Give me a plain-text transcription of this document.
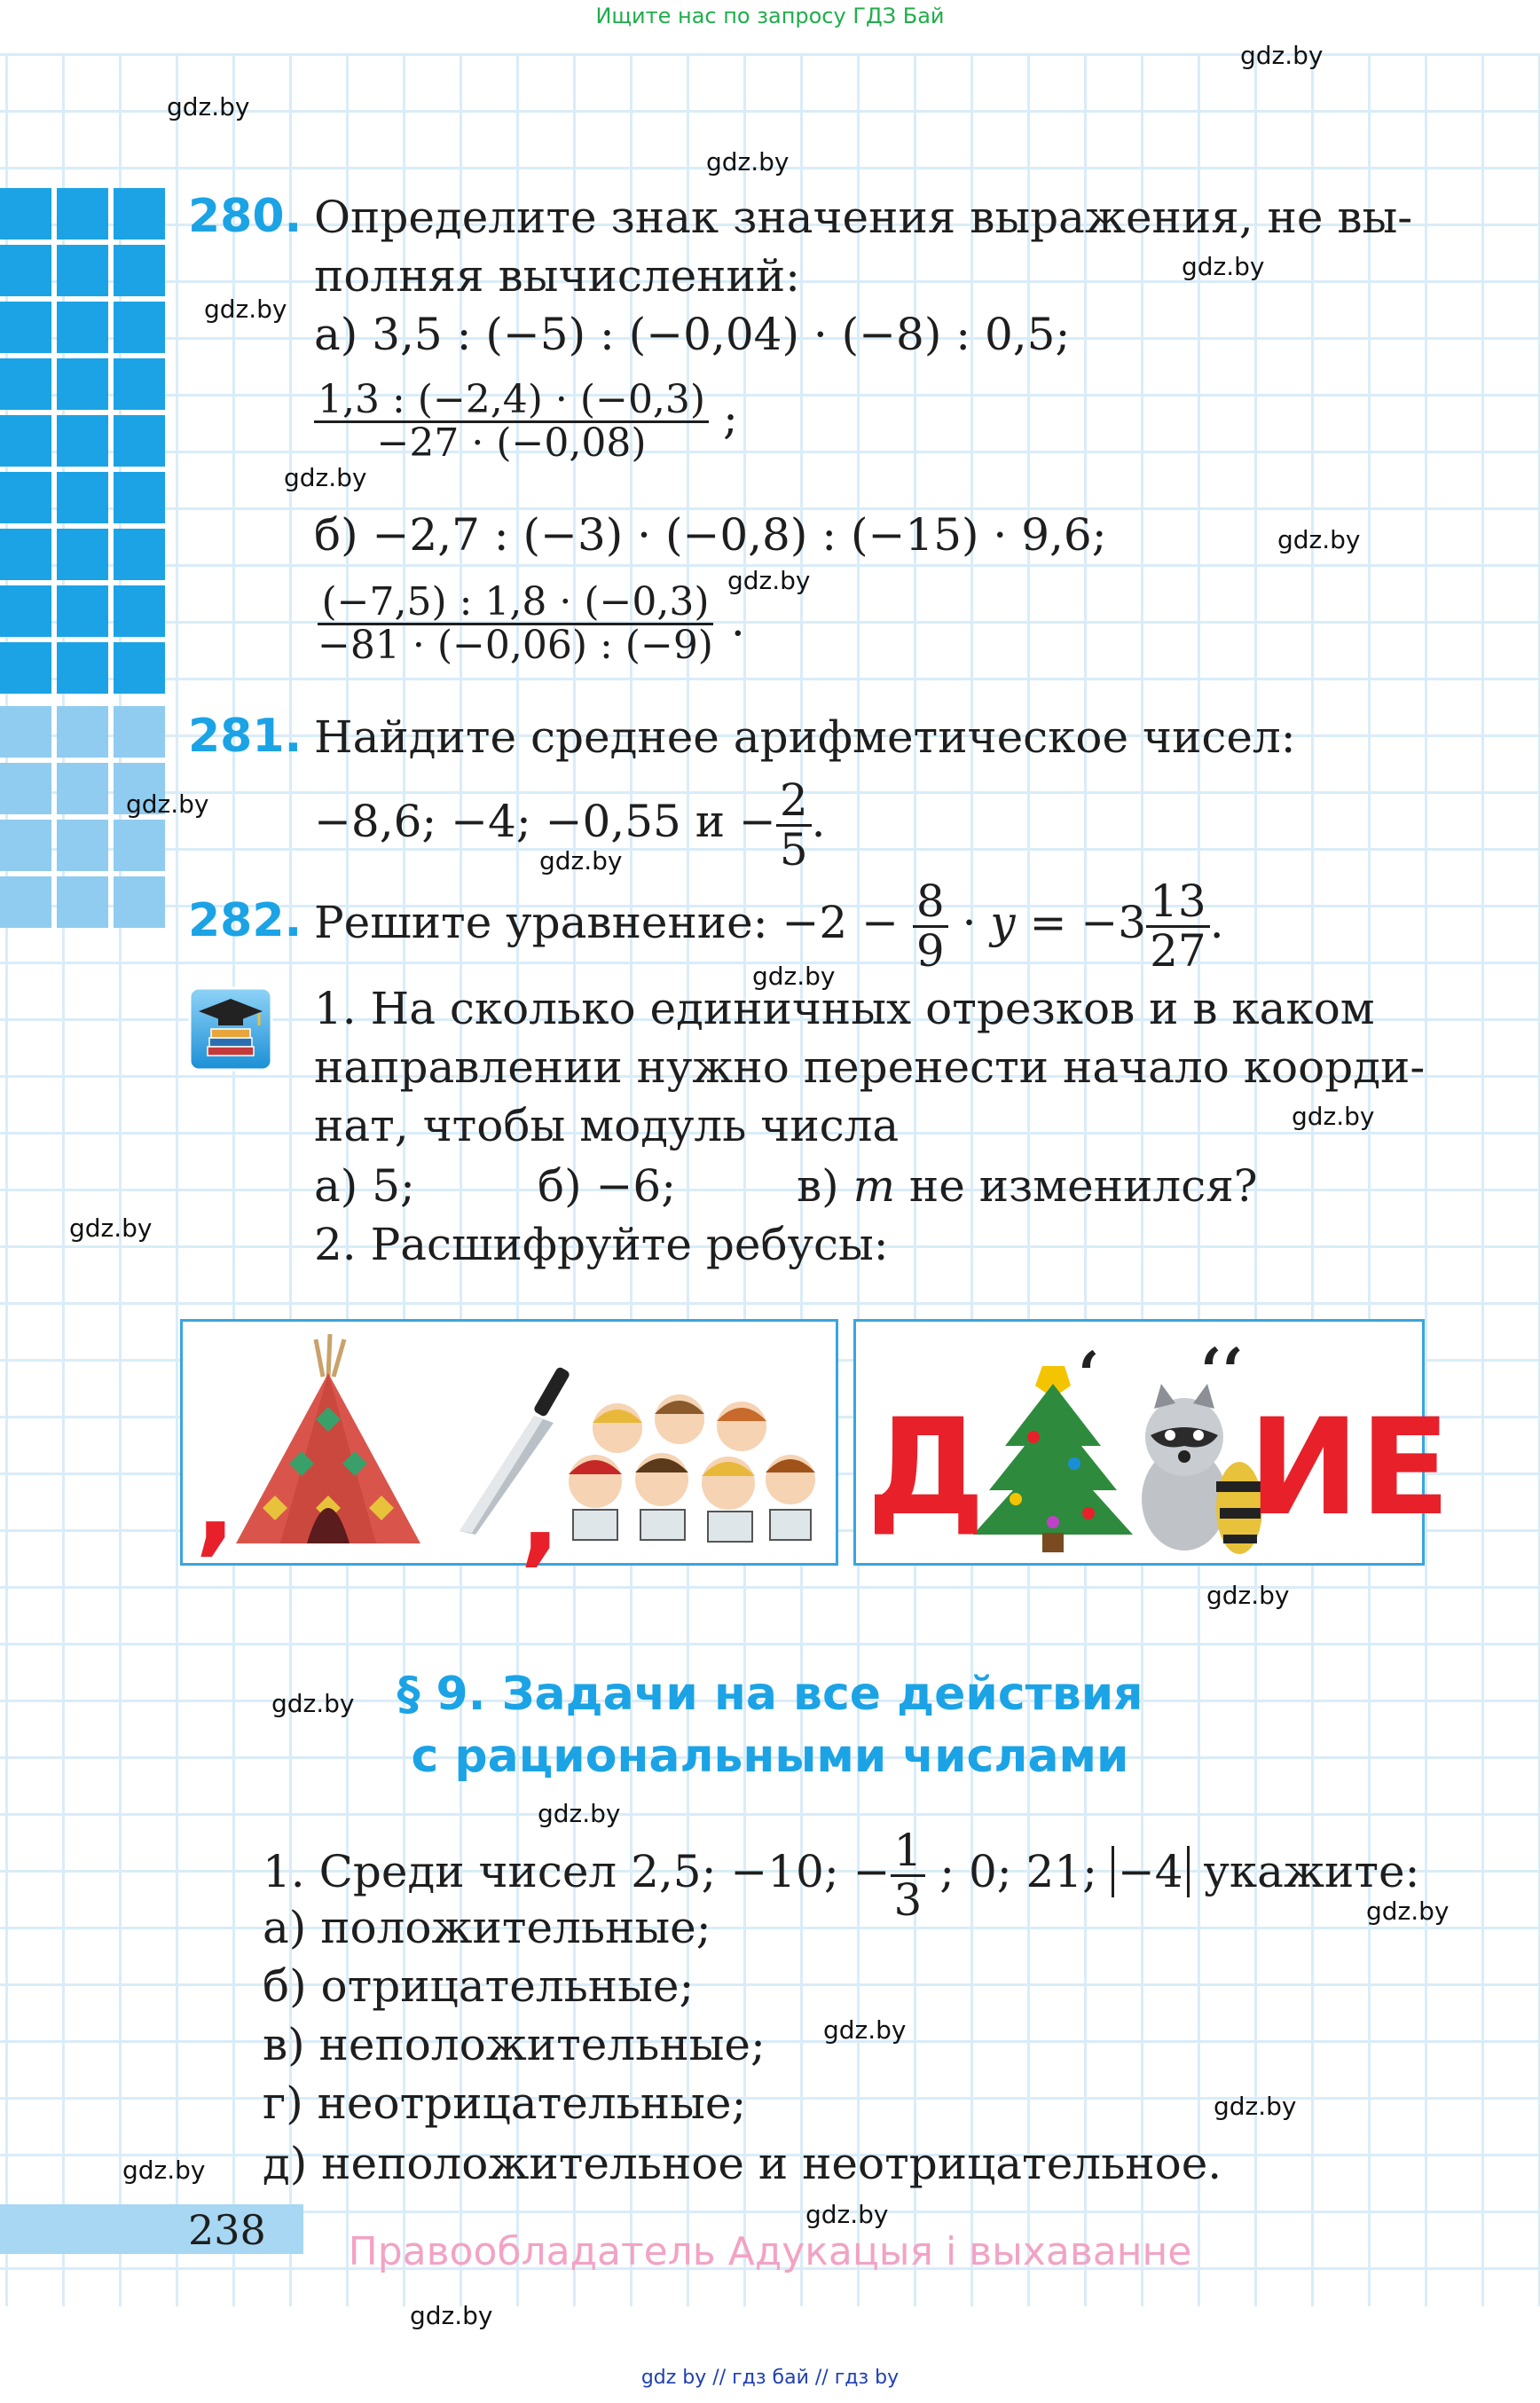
Ищите нас по запросу ГДЗ Бай
gdz.by
gdz.by
gdz.by
gdz.by
gdz.by
gdz.by
gdz.by
gdz.by
gdz.by
gdz.by
gdz.by
gdz.by
gdz.by
gdz.by
gdz.by
gdz.by
gdz.by
gdz.by
gdz.by
gdz.by
gdz.by
gdz.by
280. Определите знак значения выражения, не вы-
полняя вычислений:
а) 3,5 : (−5) : (−0,04) · (−8) : 0,5;
$\frac{1,3 : (-2,4) \cdot (-0,3)}{-27 \cdot (-0,08)}$ ;
б) −2,7 : (−3) · (−0,8) : (−15) · 9,6;
$\frac{(-7,5) : 1,8 \cdot (-0,3)}{-81 \cdot (-0,06) : (-9)}$ .
281. Найдите среднее арифметическое чисел:
−8,6; −4; −0,55 $и - \frac{2}{5}$ .
282. Решите уравнение: $-2 - \frac{8}{9} \cdot y = -3 \frac{13}{27}$ .
1. На сколько единичных отрезков и в каком
направлении нужно перенести начало коорди-
нат, чтобы модуль числа
а) 5;	б) −6;	в) m не изменился?
2. Расшифруйте ребусы:
,	, Д ИЕ
‘ ‘‘
§ 9. Задачи на все действия
с рациональными числами
1. Среди чисел 2,5; −10; − $\frac{1}{3}$ ; 0; 21; −4 укажите:
а) положительные;
б) отрицательные;
в) неположительные;
г) неотрицательные;
д) неположительное и неотрицательное.
238	Правообладатель Адукацыя і выхаванне
gdz by // гдз бай // гдз by
